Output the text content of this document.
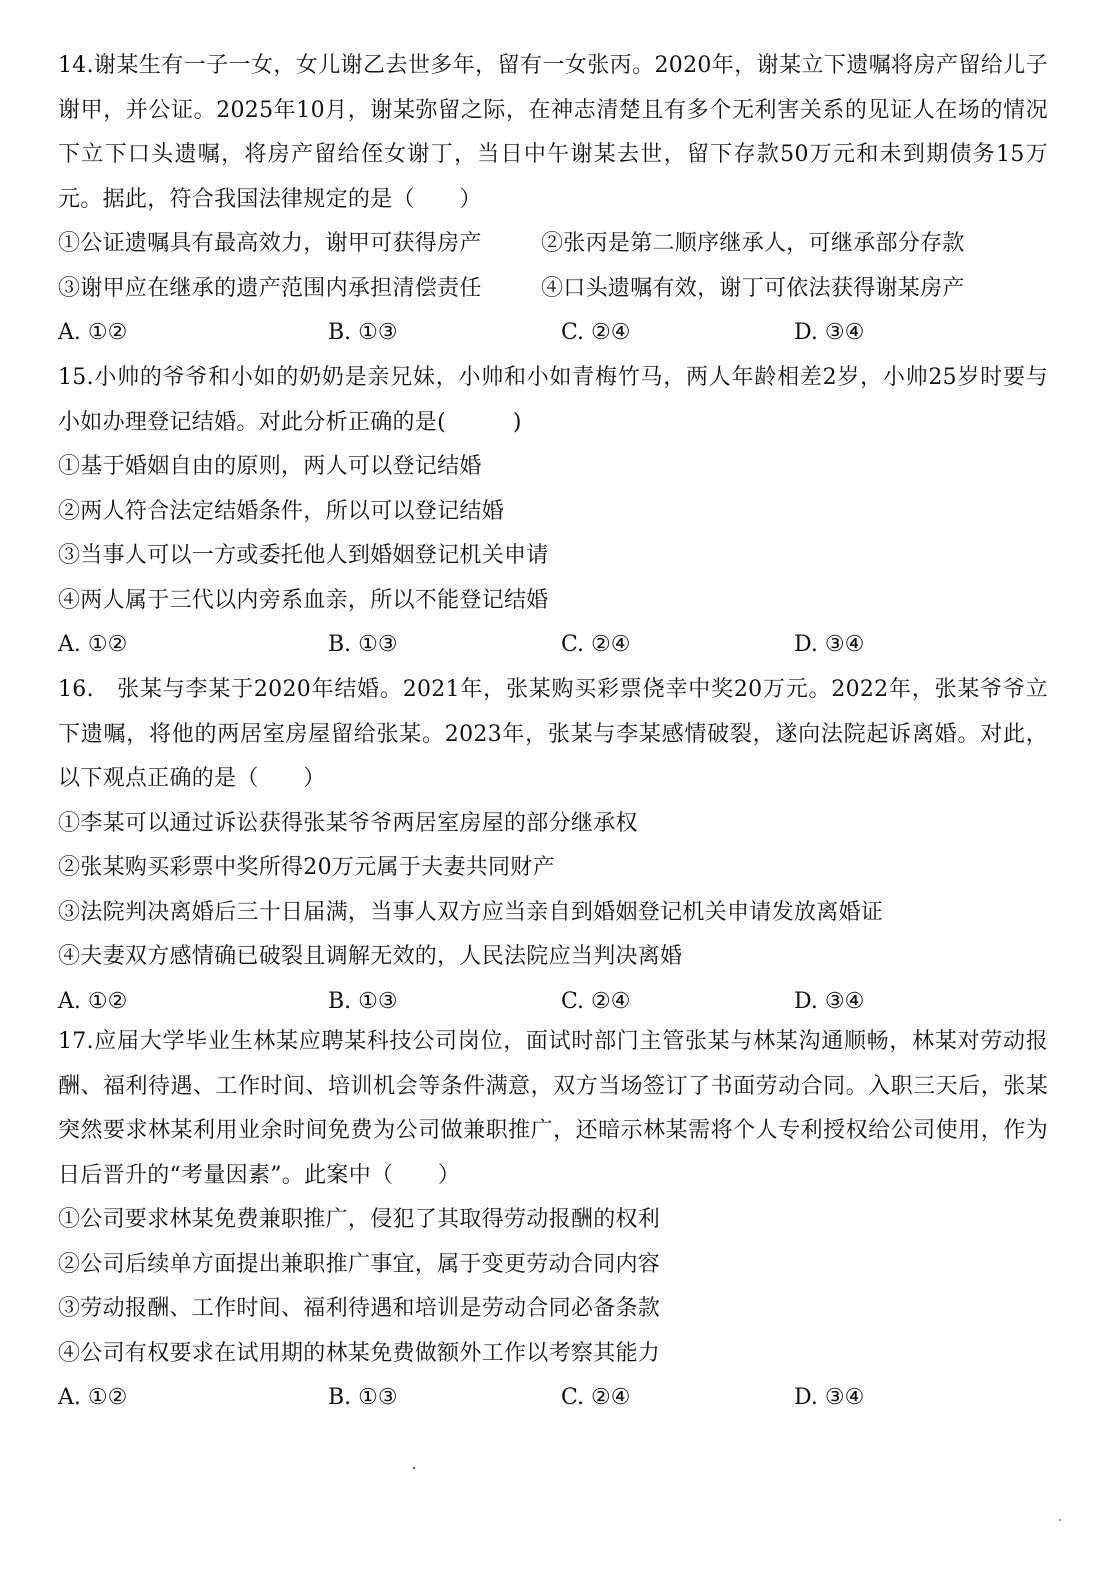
14.谢某生有一子一女，女儿谢乙去世多年，留有一女张丙。2020年，谢某立下遗嘱将房产留给儿子谢甲，并公证。2025年10月，谢某弥留之际，在神志清楚且有多个无利害关系的见证人在场的情况下立下口头遗嘱，将房产留给侄女谢丁，当日中午谢某去世，留下存款50万元和未到期债务15万元。据此，符合我国法律规定的是（　　）

①公证遗嘱具有最高效力，谢甲可获得房产	②张丙是第二顺序继承人，可继承部分存款
③谢甲应在继承的遗产范围内承担清偿责任	④口头遗嘱有效，谢丁可依法获得谢某房产
A. ①②	B. ①③	C. ②④	D. ③④

15.小帅的爷爷和小如的奶奶是亲兄妹，小帅和小如青梅竹马，两人年龄相差2岁，小帅25岁时要与小如办理登记结婚。对此分析正确的是(　　　)

①基于婚姻自由的原则，两人可以登记结婚

②两人符合法定结婚条件，所以可以登记结婚

③当事人可以一方或委托他人到婚姻登记机关申请

④两人属于三代以内旁系血亲，所以不能登记结婚

A. ①②	B. ①③	C. ②④	D. ③④

16.　张某与李某于2020年结婚。2021年，张某购买彩票侥幸中奖20万元。2022年，张某爷爷立下遗嘱，将他的两居室房屋留给张某。2023年，张某与李某感情破裂，遂向法院起诉离婚。对此，以下观点正确的是（　　）

①李某可以通过诉讼获得张某爷爷两居室房屋的部分继承权

②张某购买彩票中奖所得20万元属于夫妻共同财产

③法院判决离婚后三十日届满，当事人双方应当亲自到婚姻登记机关申请发放离婚证

④夫妻双方感情确已破裂且调解无效的，人民法院应当判决离婚

A. ①②	B. ①③	C. ②④	D. ③④

17.应届大学毕业生林某应聘某科技公司岗位，面试时部门主管张某与林某沟通顺畅，林某对劳动报酬、福利待遇、工作时间、培训机会等条件满意，双方当场签订了书面劳动合同。入职三天后，张某突然要求林某利用业余时间免费为公司做兼职推广，还暗示林某需将个人专利授权给公司使用，作为日后晋升的“考量因素”。此案中（　　）

①公司要求林某免费兼职推广，侵犯了其取得劳动报酬的权利

②公司后续单方面提出兼职推广事宜，属于变更劳动合同内容

③劳动报酬、工作时间、福利待遇和培训是劳动合同必备条款

④公司有权要求在试用期的林某免费做额外工作以考察其能力

A. ①②	B. ①③	C. ②④	D. ③④
